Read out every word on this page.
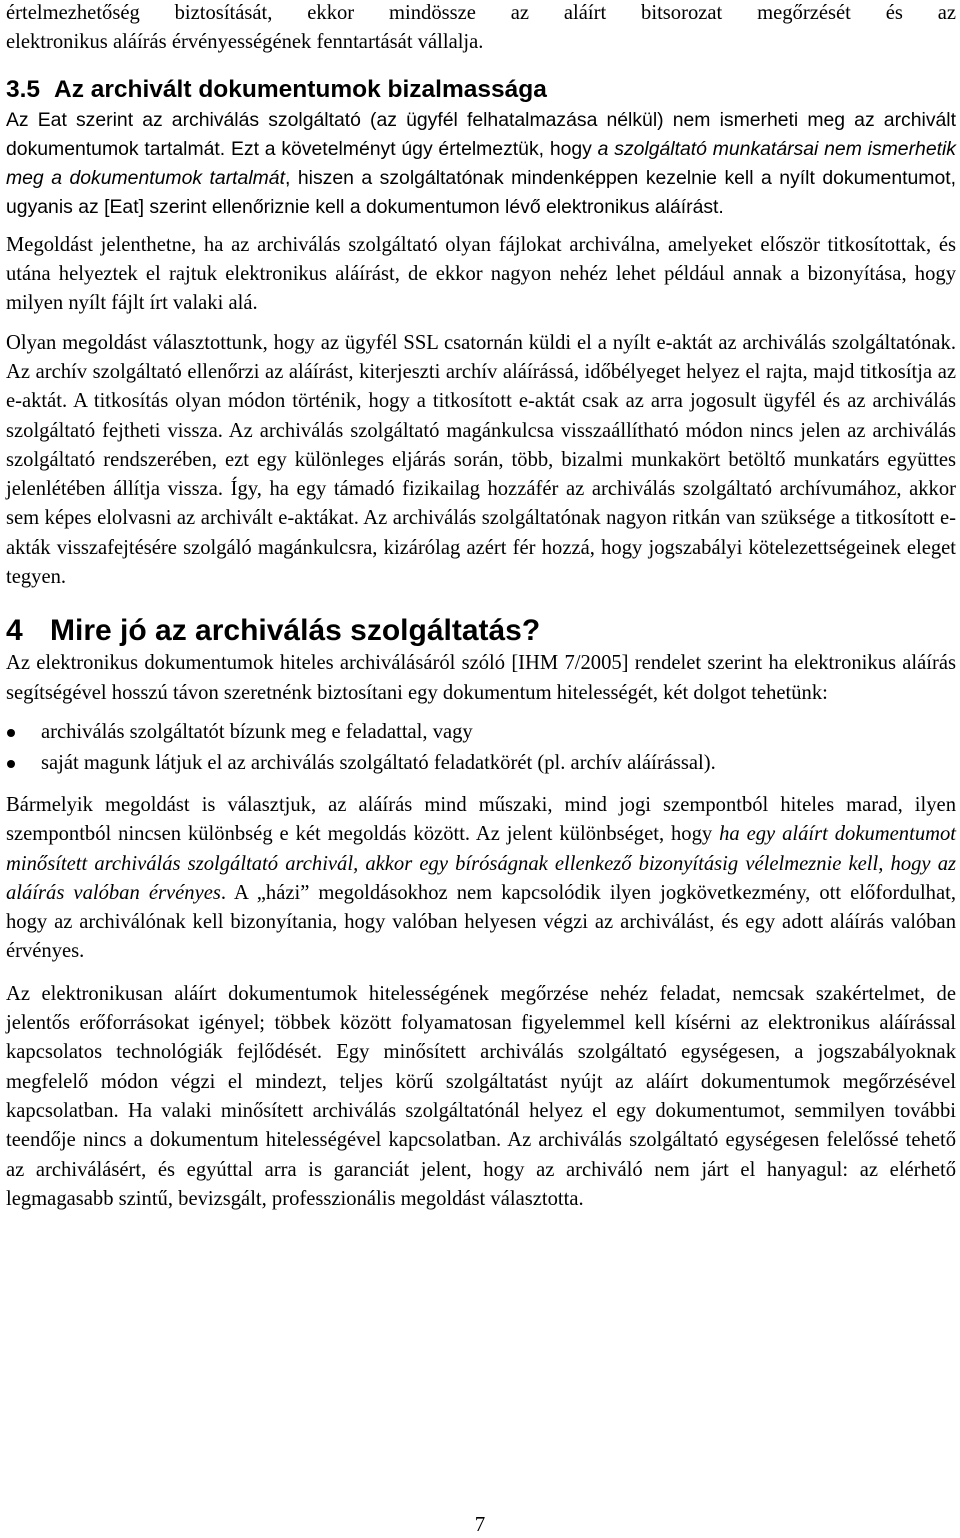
értelmezhetőség biztosítását, ekkor mindössze az aláírt bitsorozat megőrzését és az
elektronikus aláírás érvényességének fenntartását vállalja.

3.5 Az archivált dokumentumok bizalmassága

Az Eat szerint az archiválás szolgáltató (az ügyfél felhatalmazása nélkül) nem ismerheti meg az archivált dokumentumok tartalmát. Ezt a követelményt úgy értelmeztük, hogy a szolgáltató munkatársai nem ismerhetik meg a dokumentumok tartalmát, hiszen a szolgáltatónak mindenképpen kezelnie kell a nyílt dokumentumot, ugyanis az [Eat] szerint ellenőriznie kell a dokumentumon lévő elektronikus aláírást.

Megoldást jelenthetne, ha az archiválás szolgáltató olyan fájlokat archiválna, amelyeket először titkosítottak, és utána helyeztek el rajtuk elektronikus aláírást, de ekkor nagyon nehéz lehet például annak a bizonyítása, hogy milyen nyílt fájlt írt valaki alá.

Olyan megoldást választottunk, hogy az ügyfél SSL csatornán küldi el a nyílt e-aktát az archiválás szolgáltatónak. Az archív szolgáltató ellenőrzi az aláírást, kiterjeszti archív aláírássá, időbélyeget helyez el rajta, majd titkosítja az e-aktát. A titkosítás olyan módon történik, hogy a titkosított e-aktát csak az arra jogosult ügyfél és az archiválás szolgáltató fejtheti vissza. Az archiválás szolgáltató magánkulcsa visszaállítható módon nincs jelen az archiválás szolgáltató rendszerében, ezt egy különleges eljárás során, több, bizalmi munkakört betöltő munkatárs együttes jelenlétében állítja vissza. Így, ha egy támadó fizikailag hozzáfér az archiválás szolgáltató archívumához, akkor sem képes elolvasni az archivált e-aktákat. Az archiválás szolgáltatónak nagyon ritkán van szüksége a titkosított e-akták visszafejtésére szolgáló magánkulcsra, kizárólag azért fér hozzá, hogy jogszabályi kötelezettségeinek eleget tegyen.

4 Mire jó az archiválás szolgáltatás?

Az elektronikus dokumentumok hiteles archiválásáról szóló [IHM 7/2005] rendelet szerint ha elektronikus aláírás segítségével hosszú távon szeretnénk biztosítani egy dokumentum hitelességét, két dolgot tehetünk:

archiválás szolgáltatót bízunk meg e feladattal, vagy
saját magunk látjuk el az archiválás szolgáltató feladatkörét (pl. archív aláírással).

Bármelyik megoldást is választjuk, az aláírás mind műszaki, mind jogi szempontból hiteles marad, ilyen szempontból nincsen különbség e két megoldás között. Az jelent különbséget, hogy ha egy aláírt dokumentumot minősített archiválás szolgáltató archivál, akkor egy bíróságnak ellenkező bizonyításig vélelmeznie kell, hogy az aláírás valóban érvényes. A „házi” megoldásokhoz nem kapcsolódik ilyen jogkövetkezmény, ott előfordulhat, hogy az archiválónak kell bizonyítania, hogy valóban helyesen végzi az archiválást, és egy adott aláírás valóban érvényes.

Az elektronikusan aláírt dokumentumok hitelességének megőrzése nehéz feladat, nemcsak szakértelmet, de jelentős erőforrásokat igényel; többek között folyamatosan figyelemmel kell kísérni az elektronikus aláírással kapcsolatos technológiák fejlődését. Egy minősített archiválás szolgáltató egységesen, a jogszabályoknak megfelelő módon végzi el mindezt, teljes körű szolgáltatást nyújt az aláírt dokumentumok megőrzésével kapcsolatban. Ha valaki minősített archiválás szolgáltatónál helyez el egy dokumentumot, semmilyen további teendője nincs a dokumentum hitelességével kapcsolatban. Az archiválás szolgáltató egységesen felelőssé tehető az archiválásért, és egyúttal arra is garanciát jelent, hogy az archiváló nem járt el hanyagul: az elérhető legmagasabb szintű, bevizsgált, professzionális megoldást választotta.

7
